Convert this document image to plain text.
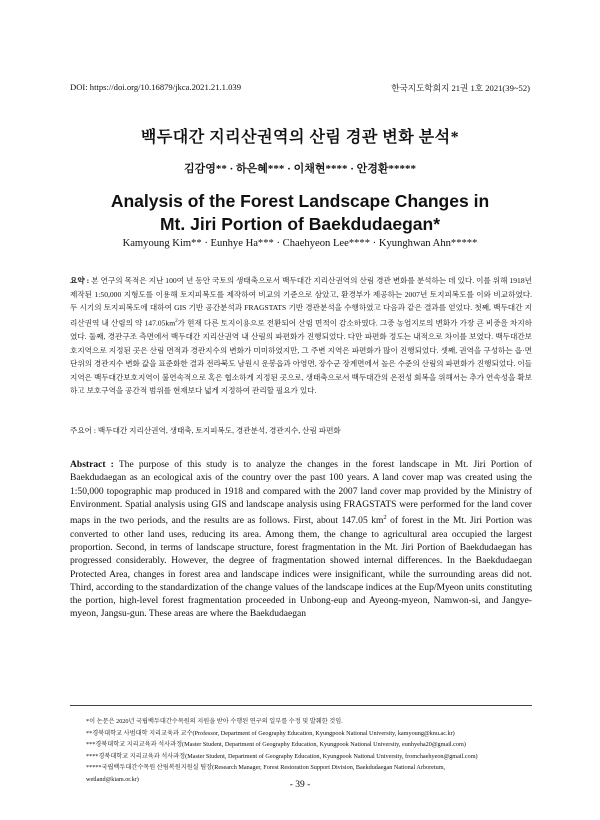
DOI: https://doi.org/10.16879/jkca.2021.21.1.039	한국지도학회지 21권 1호 2021(39~52)
백두대간 지리산권역의 산림 경관 변화 분석*
김감영** · 하은혜*** · 이채현**** · 안경환*****
Analysis of the Forest Landscape Changes in
Mt. Jiri Portion of Baekdudaegan*
Kamyoung Kim** · Eunhye Ha*** · Chaehyeon Lee**** · Kyunghwan Ahn*****
요약 : 본 연구의 목적은 지난 100여 년 동안 국토의 생태축으로서 백두대간 지리산권역의 산림 경관 변화를 분석하는 데 있다. 이를 위해 1918년 제작된 1:50,000 지형도를 이용해 토지피복도를 제작하여 비교의 기준으로 삼았고, 환경부가 제공하는 2007년 토지피복도를 이와 비교하였다. 두 시기의 토지피복도에 대하여 GIS 기반 공간분석과 FRAGSTATS 기반 경관분석을 수행하였고 다음과 같은 결과를 얻었다. 첫째, 백두대간 지리산권역 내 산림의 약 $147.05km^2$가 현재 다른 토지이용으로 전환되어 산림 면적이 감소하였다. 그중 농업지로의 변화가 가장 큰 비중을 차지하였다. 둘째, 경관구조 측면에서 백두대간 지리산권역 내 산림의 파편화가 진행되었다. 다만 파편화 정도는 내적으로 차이를 보였다. 백두대간보호지역으로 지정된 곳은 산림 면적과 경관지수의 변화가 미미하였지만, 그 주변 지역은 파편화가 많이 진행되었다. 셋째, 권역을 구성하는 읍·면 단위의 경관지수 변화 값을 표준화한 결과 전라북도 남원시 운봉읍과 아영면, 장수군 장계면에서 높은 수준의 산림의 파편화가 진행되었다. 이들 지역은 백두대간보호지역이 불연속적으로 혹은 협소하게 지정된 곳으로, 생태축으로서 백두대간의 온전성 회복을 위해서는 추가 연속성을 확보하고 보호구역을 공간적 범위를 현재보다 넓게 지정하여 관리할 필요가 있다.
주요어 : 백두대간 지리산권역, 생태축, 토지피복도, 경관분석, 경관지수, 산림 파편화
Abstract : The purpose of this study is to analyze the changes in the forest landscape in Mt. Jiri Portion of Baekdudaegan as an ecological axis of the country over the past 100 years. A land cover map was created using the 1:50,000 topographic map produced in 1918 and compared with the 2007 land cover map provided by the Ministry of Environment. Spatial analysis using GIS and landscape analysis using FRAGSTATS were performed for the land cover maps in the two periods, and the results are as follows. First, about 147.05 $km^2$ of forest in the Mt. Jiri Portion was converted to other land uses, reducing its area. Among them, the change to agricultural area occupied the largest proportion. Second, in terms of landscape structure, forest fragmentation in the Mt. Jiri Portion of Baekdudaegan has progressed considerably. However, the degree of fragmentation showed internal differences. In the Baekdudaegan Protected Area, changes in forest area and landscape indices were insignificant, while the surrounding areas did not. Third, according to the standardization of the change values of the landscape indices at the Eup/Myeon units constituting the portion, high-level forest fragmentation proceeded in Unbong-eup and Ayeong-myeon, Namwon-si, and Jangye-myeon, Jangsu-gun. These areas are where the Baekdudaegan
*이 논문은 2020년 국립백두대간수목원의 지원을 받아 수행된 연구의 일부를 수정 및 발췌한 것임.
**경북대학교 사범대학 지리교육과 교수(Professor, Department of Geography Education, Kyungpook National University, kamyoung@knu.ac.kr)
***경북대학교 지리교육과 석사과정(Master Student, Department of Geography Education, Kyungpook National University, eunhyeha20@gmail.com)
****경북대학교 지리교육과 석사과정(Master Student, Department of Geography Education, Kyungpook National University, fromchaehyeon@gmail.com)
*****국립백두대간수목원 산림복원지원실 팀장(Research Manager, Forest Restoration Support Division, Baekdudaegan National Arboretum,
wetland@kiam.or.kr)
- 39 -
